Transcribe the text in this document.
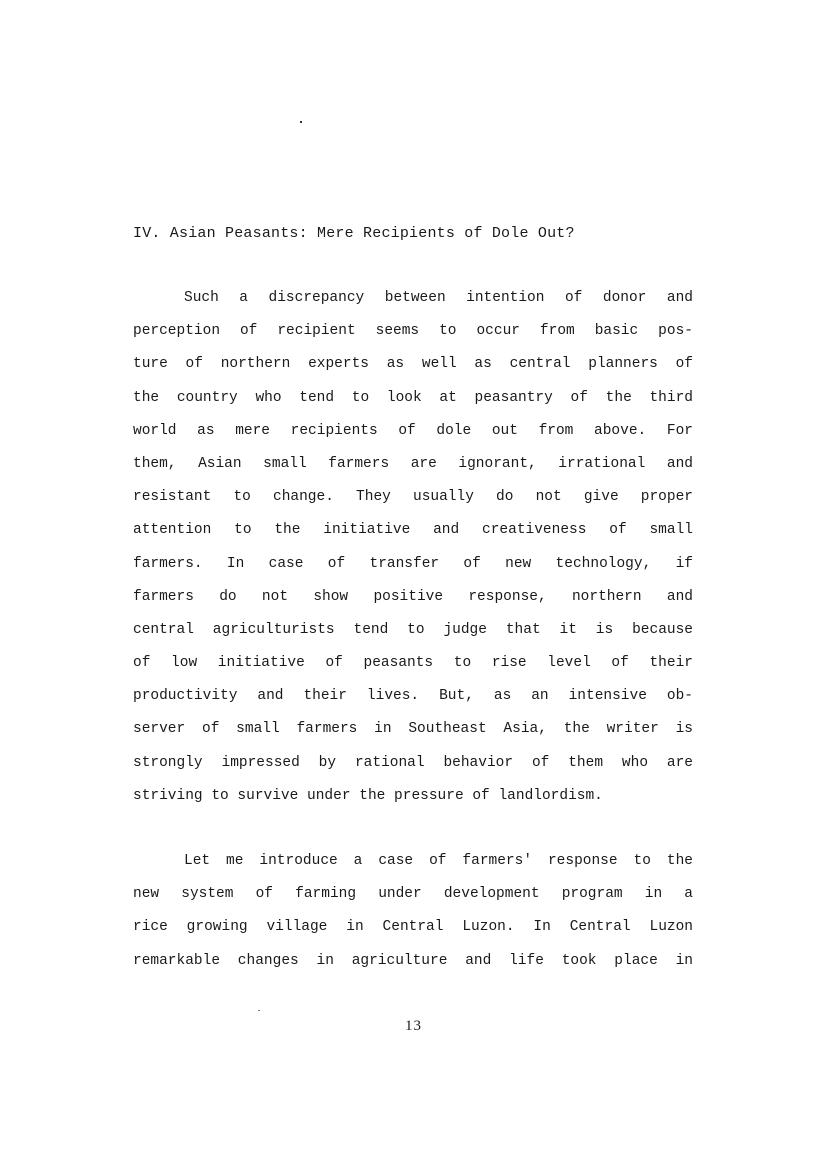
IV. Asian Peasants: Mere Recipients of Dole Out?
Such a discrepancy between intention of donor and
perception of recipient seems to occur from basic pos-
ture of northern experts as well as central planners of
the country who tend to look at peasantry of the third
world as mere recipients of dole out from above. For
them, Asian small farmers are ignorant, irrational and
resistant to change. They usually do not give proper
attention to the initiative and creativeness of small
farmers. In case of transfer of new technology, if
farmers do not show positive response, northern and
central agriculturists tend to judge that it is because
of low initiative of peasants to rise level of their
productivity and their lives. But, as an intensive ob-
server of small farmers in Southeast Asia, the writer is
strongly impressed by rational behavior of them who are
striving to survive under the pressure of landlordism.
Let me introduce a case of farmers' response to the
new system of farming under development program in a
rice growing village in Central Luzon. In Central Luzon
remarkable changes in agriculture and life took place in
13
